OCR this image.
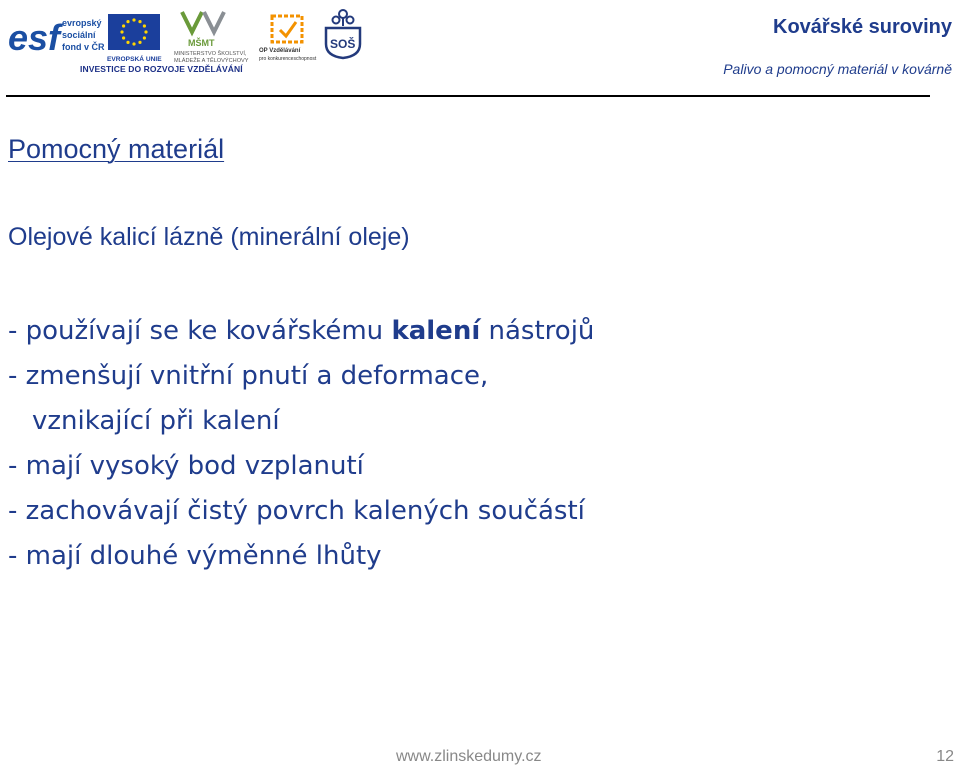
esf evropský
sociální
fond v ČR
EVROPSKÁ UNIE
MŠMT
MINISTERSTVO ŠKOLSTVÍ,
MLÁDEŽE A TĚLOVÝCHOVY
OP Vzdělávání
pro konkurenceschopnost
SOŠ
INVESTICE DO ROZVOJE VZDĚLÁVÁNÍ
Kovářské suroviny
Palivo a pomocný materiál v kovárně
Pomocný materiál
Olejové kalicí lázně (minerální oleje)
- používají se ke kovářskému kalení nástrojů
- zmenšují vnitřní pnutí a deformace,
vznikající při kalení
- mají vysoký bod vzplanutí
- zachovávají čistý povrch kalených součástí
- mají dlouhé výměnné lhůty
www.zlinskedumy.cz	12
